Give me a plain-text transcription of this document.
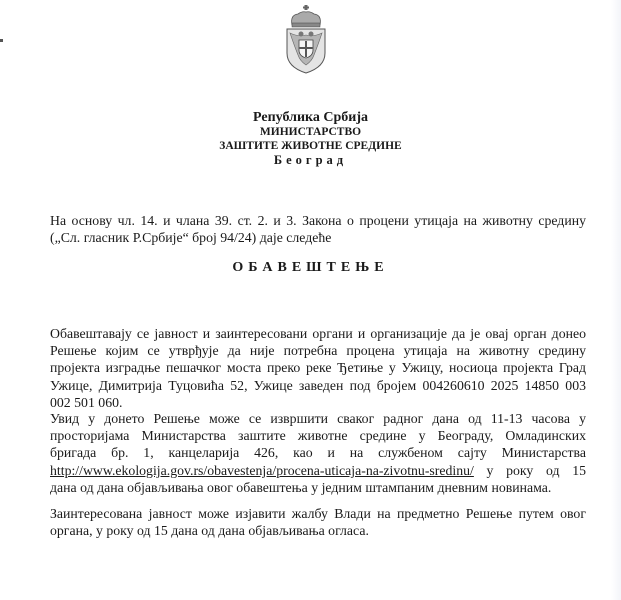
Република Србија
МИНИСТАРСТВО
ЗАШТИТЕ ЖИВОТНЕ СРЕДИНЕ
Београд
На основу чл. 14. и члана 39. ст. 2. и 3. Закона о процени утицаја на животну средину
(„Сл. гласник Р.Србије“ број 94/24) даје следеће
ОБАВЕШТЕЊЕ
Обавештавају се јавност и заинтересовани органи и организације да је овај орган донео
Решење којим се утврђује да није потребна процена утицаја на животну средину
пројекта изградње пешачког моста преко реке Ђетиње у Ужицу, носиоца пројекта Град
Ужице, Димитрија Туцовића 52, Ужице заведен под бројем 004260610 2025 14850 003
002 501 060.
Увид у донето Решење може се извршити сваког радног дана од 11-13 часова у
просторијама Министарства заштите животне средине у Београду, Омладинских
бригада бр. 1, канцеларија 426, као и на службеном сајту Министарства
http://www.ekologija.gov.rs/obavestenja/procena-uticaja-na-zivotnu-sredinu/ у року од 15
дана од дана објављивања овог обавештења у једним штампаним дневним новинама.
Заинтересована јавност може изјавити жалбу Влади на предметно Решење путем овог
органа, у року од 15 дана од дана објављивања огласа.
